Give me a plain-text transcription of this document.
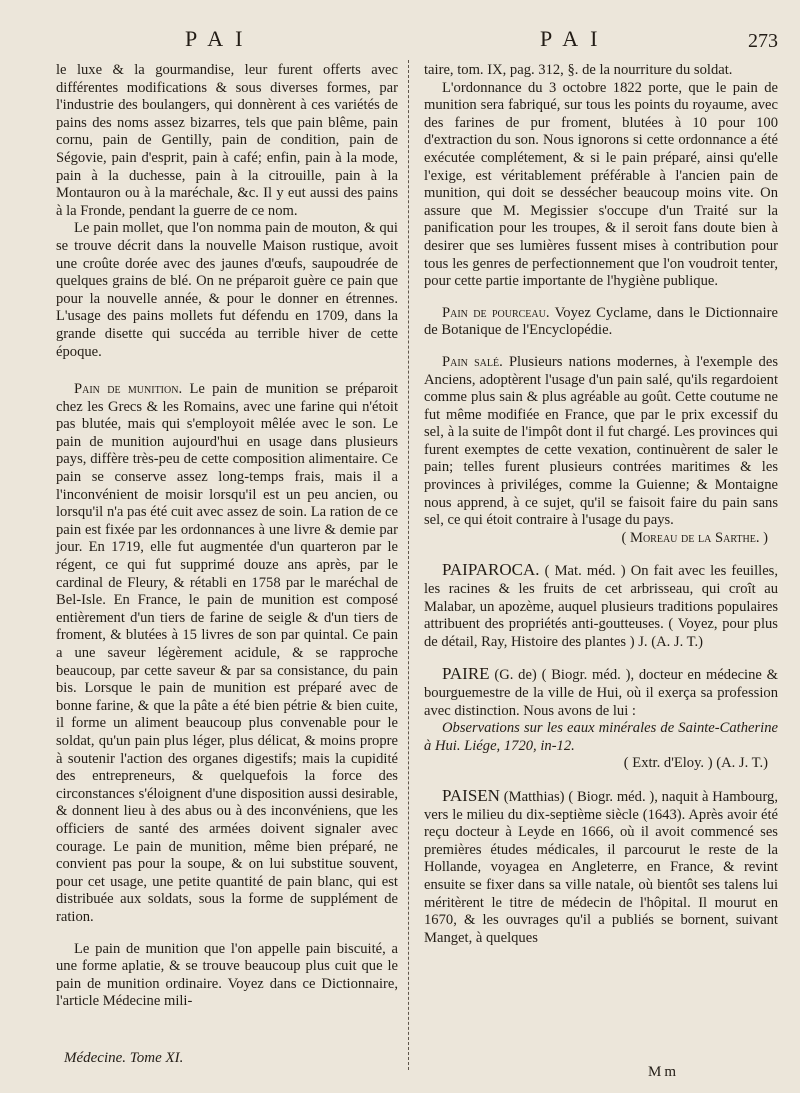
PAI	PAI	273

le luxe & la gourmandise, leur furent offerts avec différentes modifications & sous diverses formes, par l'industrie des boulangers, qui donnèrent à ces variétés de pains des noms assez bizarres, tels que pain blême, pain cornu, pain de Gentilly, pain de condition, pain de Ségovie, pain d'esprit, pain à café; enfin, pain à la mode, pain à la duchesse, pain à la citrouille, pain à la Montauron ou à la maréchale, &c. Il y eut aussi des pains à la Fronde, pendant la guerre de ce nom.

Le pain mollet, que l'on nomma pain de mouton, & qui se trouve décrit dans la nouvelle Maison rustique, avoit une croûte dorée avec des jaunes d'œufs, saupoudrée de quelques grains de blé. On ne préparoit guère ce pain que pour la nouvelle année, & pour le donner en étrennes. L'usage des pains mollets fut défendu en 1709, dans la grande disette qui succéda au terrible hiver de cette époque.

Pain de munition. Le pain de munition se préparoit chez les Grecs & les Romains, avec une farine qui n'étoit pas blutée, mais qui s'employoit mêlée avec le son. Le pain de munition aujourd'hui en usage dans plusieurs pays, diffère très-peu de cette composition alimentaire. Ce pain se conserve assez long-temps frais, mais il a l'inconvénient de moisir lorsqu'il est un peu ancien, ou lorsqu'il n'a pas été cuit avec assez de soin. La ration de ce pain est fixée par les ordonnances à une livre & demie par jour. En 1719, elle fut augmentée d'un quarteron par le régent, ce qui fut supprimé douze ans après, par le cardinal de Fleury, & rétabli en 1758 par le maréchal de Bel-Isle. En France, le pain de munition est composé entièrement d'un tiers de farine de seigle & d'un tiers de froment, & blutées à 15 livres de son par quintal. Ce pain a une saveur légèrement acidule, & se rapproche beaucoup, par cette saveur & par sa consistance, du pain bis. Lorsque le pain de munition est préparé avec de bonne farine, & que la pâte a été bien pétrie & bien cuite, il forme un aliment beaucoup plus convenable pour le soldat, qu'un pain plus léger, plus délicat, & moins propre à soutenir l'action des organes digestifs; mais la cupidité des entrepreneurs, & quelquefois la force des circonstances s'éloignent d'une disposition aussi desirable, & donnent lieu à des abus ou à des inconvéniens, que les officiers de santé des armées doivent signaler avec courage. Le pain de munition, même bien préparé, ne convient pas pour la soupe, & on lui substitue souvent, pour cet usage, une petite quantité de pain blanc, qui est distribuée aux soldats, sous la forme de supplément de ration.

Le pain de munition que l'on appelle pain biscuité, a une forme aplatie, & se trouve beaucoup plus cuit que le pain de munition ordinaire. Voyez dans ce Dictionnaire, l'article Médecine mili-

taire, tom. IX, pag. 312, §. de la nourriture du soldat.

L'ordonnance du 3 octobre 1822 porte, que le pain de munition sera fabriqué, sur tous les points du royaume, avec des farines de pur froment, blutées à 10 pour 100 d'extraction du son. Nous ignorons si cette ordonnance a été exécutée complétement, & si le pain préparé, ainsi qu'elle l'exige, est véritablement préférable à l'ancien pain de munition, qui doit se dessécher beaucoup moins vite. On assure que M. Megissier s'occupe d'un Traité sur la panification pour les troupes, & il seroit fans doute bien à desirer que ses lumières fussent mises à contribution pour tous les genres de perfectionnement que l'on voudroit tenter, pour cette partie importante de l'hygiène publique.

Pain de pourceau. Voyez Cyclame, dans le Dictionnaire de Botanique de l'Encyclopédie.

Pain salé. Plusieurs nations modernes, à l'exemple des Anciens, adoptèrent l'usage d'un pain salé, qu'ils regardoient comme plus sain & plus agréable au goût. Cette coutume ne fut même modifiée en France, que par le prix excessif du sel, à la suite de l'impôt dont il fut chargé. Les provinces qui furent exemptes de cette vexation, continuèrent de saler le pain; telles furent plusieurs contrées maritimes & les provinces à priviléges, comme la Guienne; & Montaigne nous apprend, à ce sujet, qu'il se faisoit faire du pain sans sel, ce qui étoit contraire à l'usage du pays.

( Moreau de la Sarthe. )

PAIPAROCA. ( Mat. méd. ) On fait avec les feuilles, les racines & les fruits de cet arbrisseau, qui croît au Malabar, un apozème, auquel plusieurs traditions populaires attribuent des propriétés anti-goutteuses. ( Voyez, pour plus de détail, Ray, Histoire des plantes ) J. (A. J. T.)

PAIRE (G. de) ( Biogr. méd. ), docteur en médecine & bourguemestre de la ville de Hui, où il exerça sa profession avec distinction. Nous avons de lui :

Observations sur les eaux minérales de Sainte-Catherine à Hui. Liége, 1720, in-12.

( Extr. d'Eloy. ) (A. J. T.)

PAISEN (Matthias) ( Biogr. méd. ), naquit à Hambourg, vers le milieu du dix-septième siècle (1643). Après avoir été reçu docteur à Leyde en 1666, où il avoit commencé ses premières études médicales, il parcourut le reste de la Hollande, voyagea en Angleterre, en France, & revint ensuite se fixer dans sa ville natale, où bientôt ses talens lui méritèrent le titre de médecin de l'hôpital. Il mourut en 1670, & les ouvrages qu'il a publiés se bornent, suivant Manget, à quelques

Médecine. Tome XI.
Mm
